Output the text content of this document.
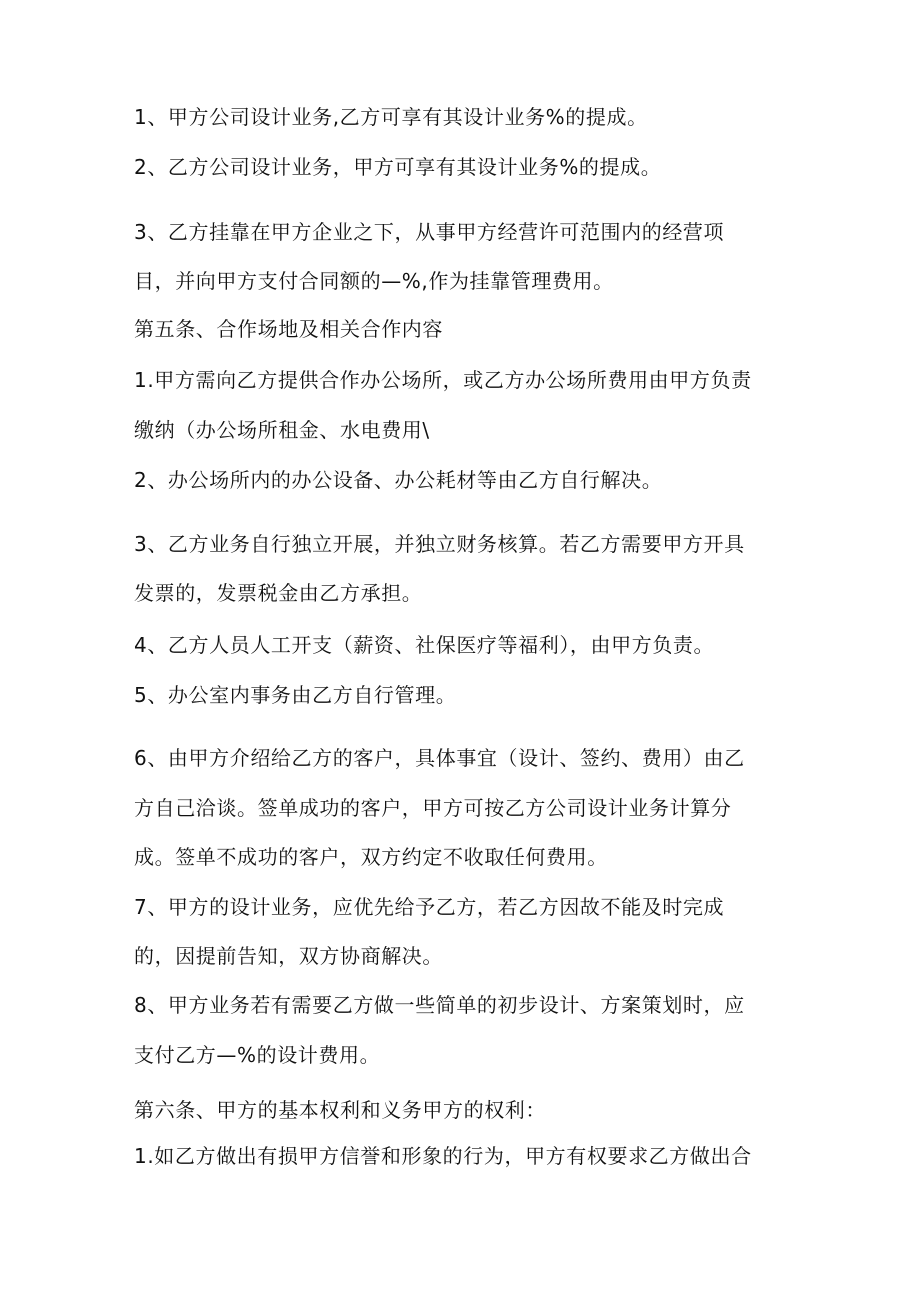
1、甲方公司设计业务,乙方可享有其设计业务%的提成。
2、乙方公司设计业务，甲方可享有其设计业务%的提成。
3、乙方挂靠在甲方企业之下，从事甲方经营许可范围内的经营项
目，并向甲方支付合同额的—%,作为挂靠管理费用。
第五条、合作场地及相关合作内容
1.甲方需向乙方提供合作办公场所，或乙方办公场所费用由甲方负责
缴纳（办公场所租金、水电费用\
2、办公场所内的办公设备、办公耗材等由乙方自行解决。
3、乙方业务自行独立开展，并独立财务核算。若乙方需要甲方开具
发票的，发票税金由乙方承担。
4、乙方人员人工开支（薪资、社保医疗等福利），由甲方负责。
5、办公室内事务由乙方自行管理。
6、由甲方介绍给乙方的客户，具体事宜（设计、签约、费用）由乙
方自己洽谈。签单成功的客户，甲方可按乙方公司设计业务计算分
成。签单不成功的客户，双方约定不收取任何费用。
7、甲方的设计业务，应优先给予乙方，若乙方因故不能及时完成
的，因提前告知，双方协商解决。
8、甲方业务若有需要乙方做一些简单的初步设计、方案策划时，应
支付乙方—%的设计费用。
第六条、甲方的基本权利和义务甲方的权利：
1.如乙方做出有损甲方信誉和形象的行为，甲方有权要求乙方做出合
